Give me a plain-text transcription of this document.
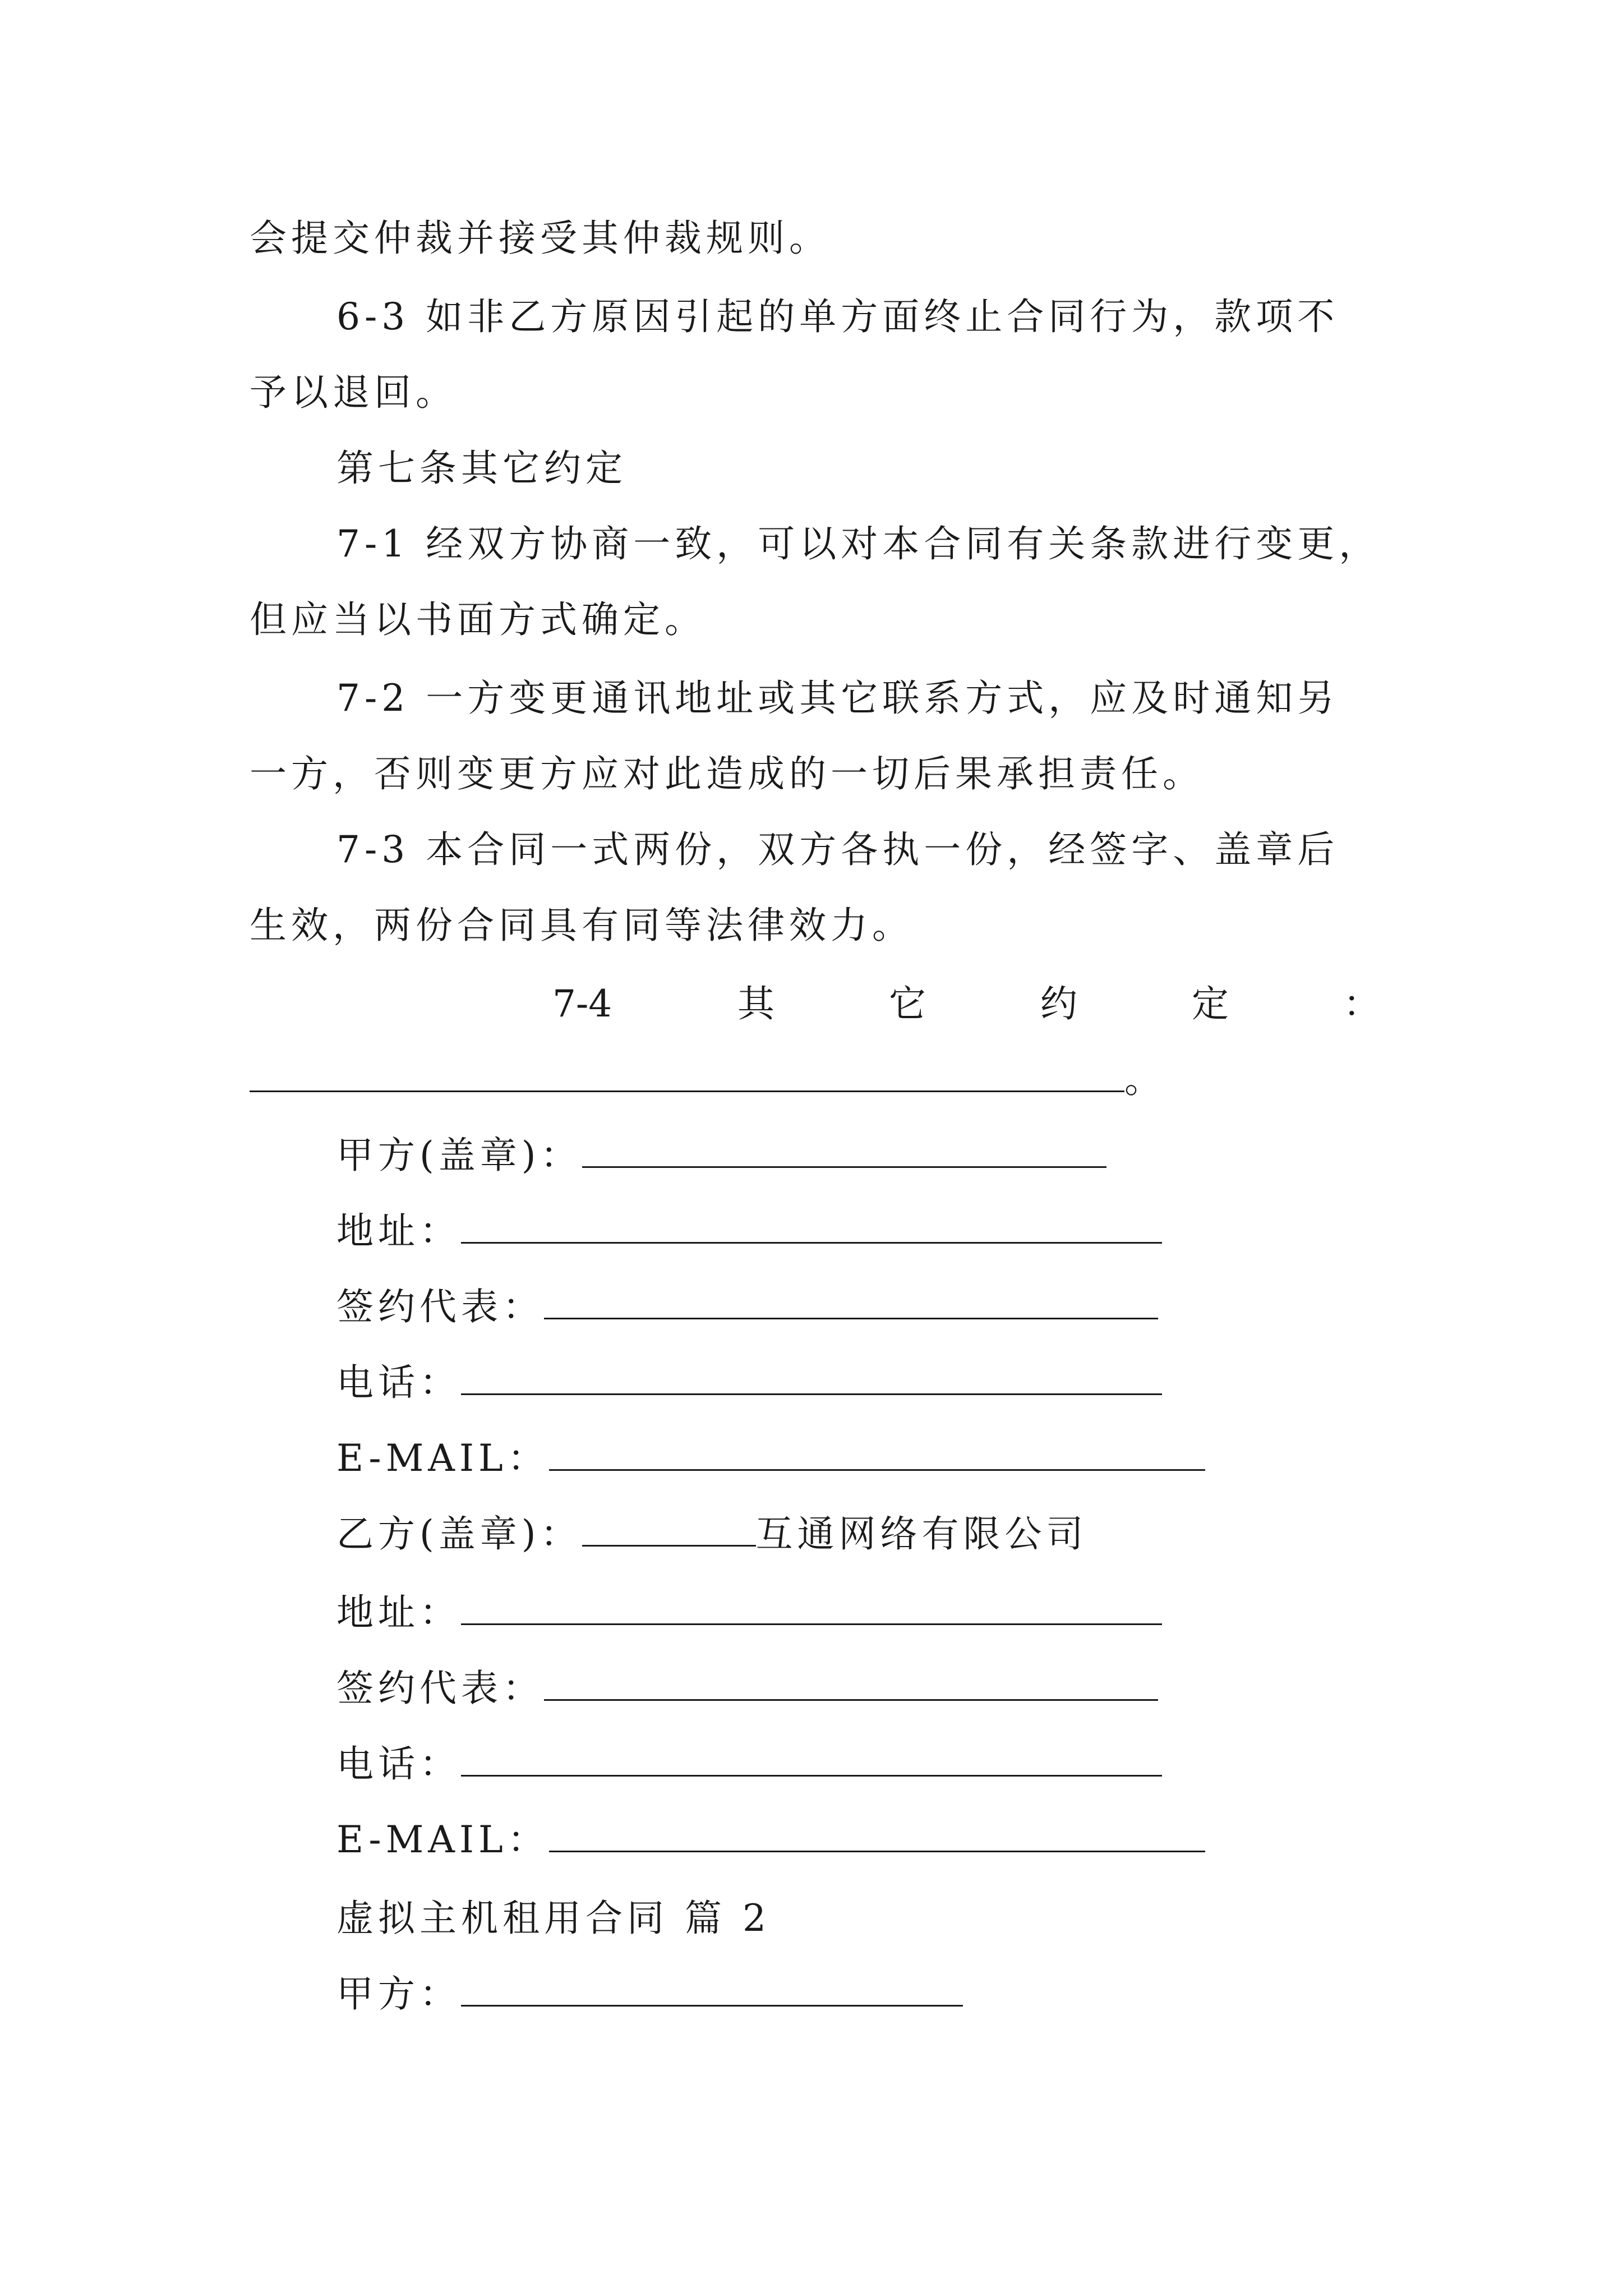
会提交仲裁并接受其仲裁规则。
6-3 如非乙方原因引起的单方面终止合同行为，款项不
予以退回。
第七条其它约定
7-1 经双方协商一致，可以对本合同有关条款进行变更，
但应当以书面方式确定。
7-2 一方变更通讯地址或其它联系方式，应及时通知另
一方，否则变更方应对此造成的一切后果承担责任。
7-3 本合同一式两份，双方各执一份，经签字、盖章后
生效，两份合同具有同等法律效力。
7-4	其	它	约	定	：
。
甲方(盖章)：
地址：
签约代表：
电话：
E-MAIL：
乙方(盖章)：	互通网络有限公司
地址：
签约代表：
电话：
E-MAIL：
虚拟主机租用合同 篇 2
甲方：
